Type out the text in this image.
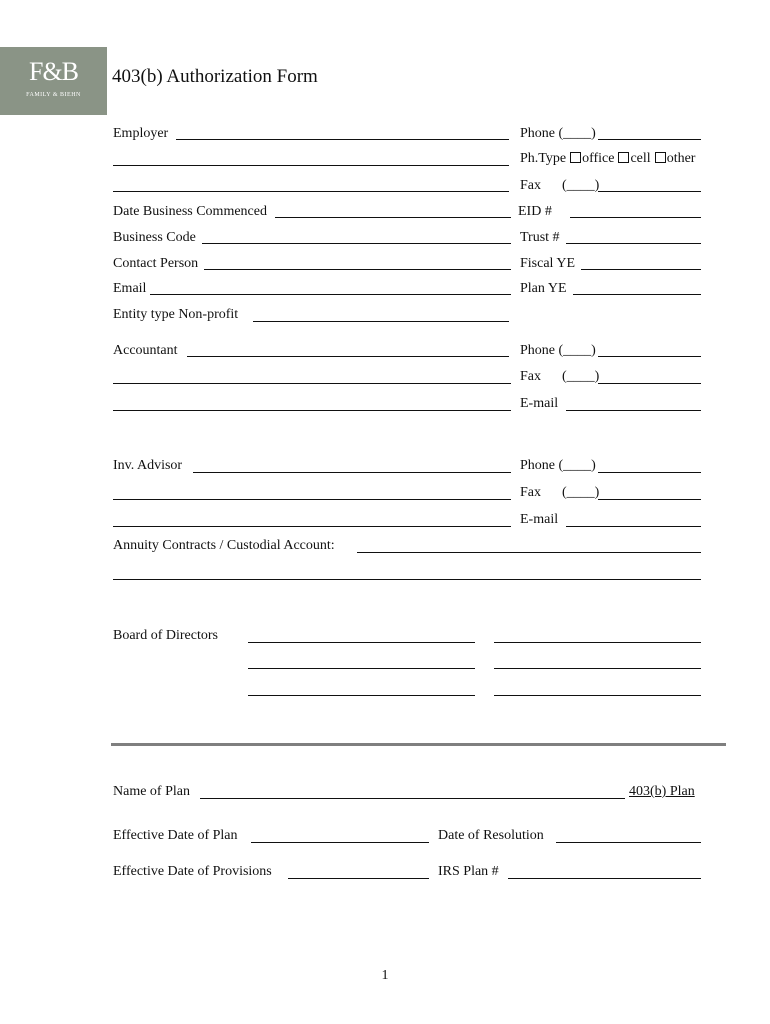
F&B
FAMILY & BIEHN
403(b) Authorization Form
Employer	Phone (____)
Ph.Type office cell other
Fax (____)
Date Business Commenced	EID #
Business Code	Trust #
Contact Person	Fiscal YE
Email	Plan YE
Entity type Non-profit
Accountant	Phone (____)
Fax (____)
E-mail
Inv. Advisor	Phone (____)
Fax (____)
E-mail
Annuity Contracts / Custodial Account:
Board of Directors
Name of Plan	403(b) Plan
Effective Date of Plan	Date of Resolution
Effective Date of Provisions	IRS Plan #
1
